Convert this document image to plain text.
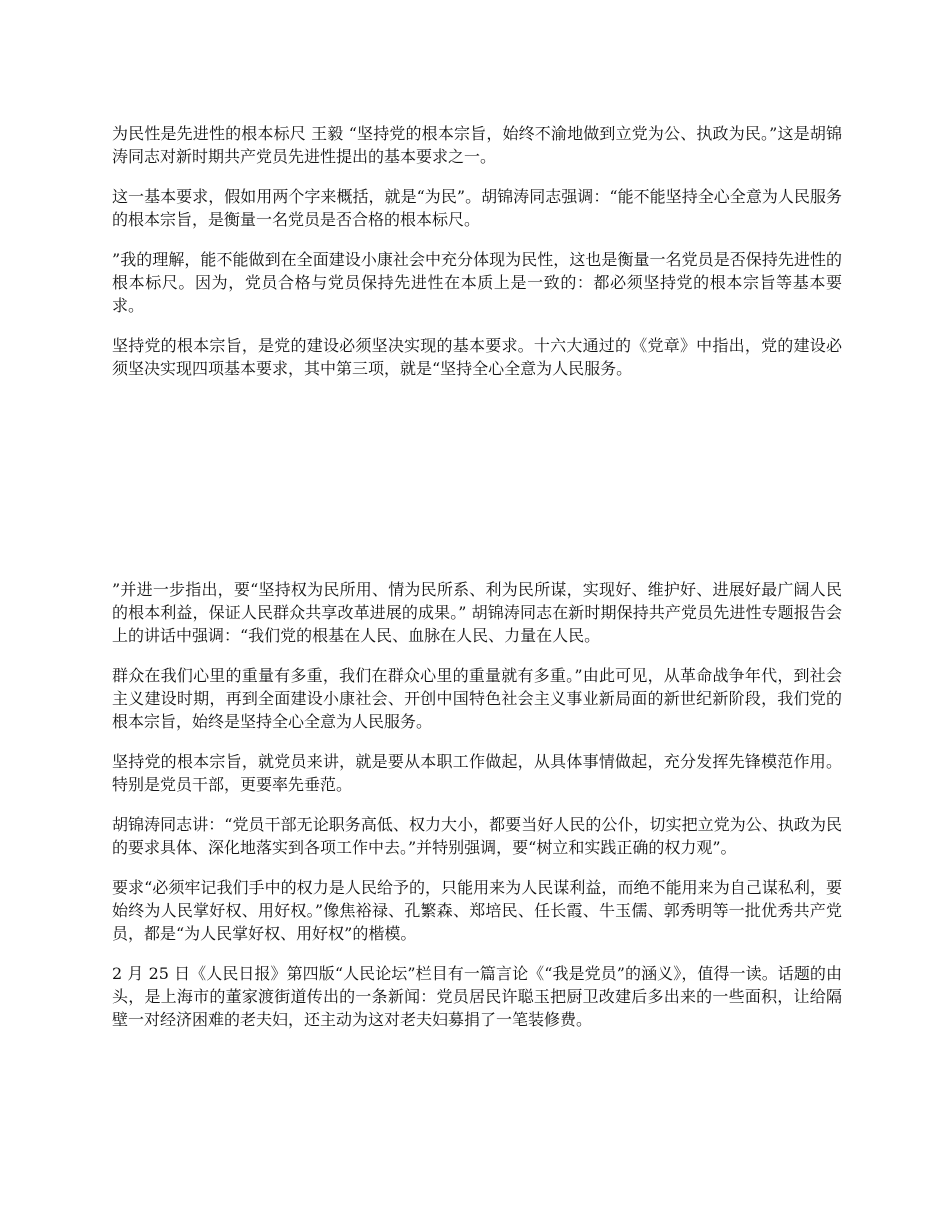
为民性是先进性的根本标尺 王毅 “坚持党的根本宗旨，始终不渝地做到立党为公、执政为民。”这是胡锦涛同志对新时期共产党员先进性提出的基本要求之一。

这一基本要求，假如用两个字来概括，就是“为民”。胡锦涛同志强调：“能不能坚持全心全意为人民服务的根本宗旨，是衡量一名党员是否合格的根本标尺。

”我的理解，能不能做到在全面建设小康社会中充分体现为民性，这也是衡量一名党员是否保持先进性的根本标尺。因为，党员合格与党员保持先进性在本质上是一致的：都必须坚持党的根本宗旨等基本要求。

坚持党的根本宗旨，是党的建设必须坚决实现的基本要求。十六大通过的《党章》中指出，党的建设必须坚决实现四项基本要求，其中第三项，就是“坚持全心全意为人民服务。

”并进一步指出，要“坚持权为民所用、情为民所系、利为民所谋，实现好、维护好、进展好最广阔人民的根本利益，保证人民群众共享改革进展的成果。” 胡锦涛同志在新时期保持共产党员先进性专题报告会上的讲话中强调：“我们党的根基在人民、血脉在人民、力量在人民。

群众在我们心里的重量有多重，我们在群众心里的重量就有多重。”由此可见，从革命战争年代，到社会主义建设时期，再到全面建设小康社会、开创中国特色社会主义事业新局面的新世纪新阶段，我们党的根本宗旨，始终是坚持全心全意为人民服务。

坚持党的根本宗旨，就党员来讲，就是要从本职工作做起，从具体事情做起，充分发挥先锋模范作用。特别是党员干部，更要率先垂范。

胡锦涛同志讲：“党员干部无论职务高低、权力大小，都要当好人民的公仆，切实把立党为公、执政为民的要求具体、深化地落实到各项工作中去。”并特别强调，要“树立和实践正确的权力观”。

要求“必须牢记我们手中的权力是人民给予的，只能用来为人民谋利益，而绝不能用来为自己谋私利，要始终为人民掌好权、用好权。”像焦裕禄、孔繁森、郑培民、任长霞、牛玉儒、郭秀明等一批优秀共产党员，都是“为人民掌好权、用好权”的楷模。

2 月 25 日《人民日报》第四版“人民论坛”栏目有一篇言论《“我是党员”的涵义》，值得一读。话题的由头，是上海市的董家渡街道传出的一条新闻：党员居民许聪玉把厨卫改建后多出来的一些面积，让给隔壁一对经济困难的老夫妇，还主动为这对老夫妇募捐了一笔装修费。
